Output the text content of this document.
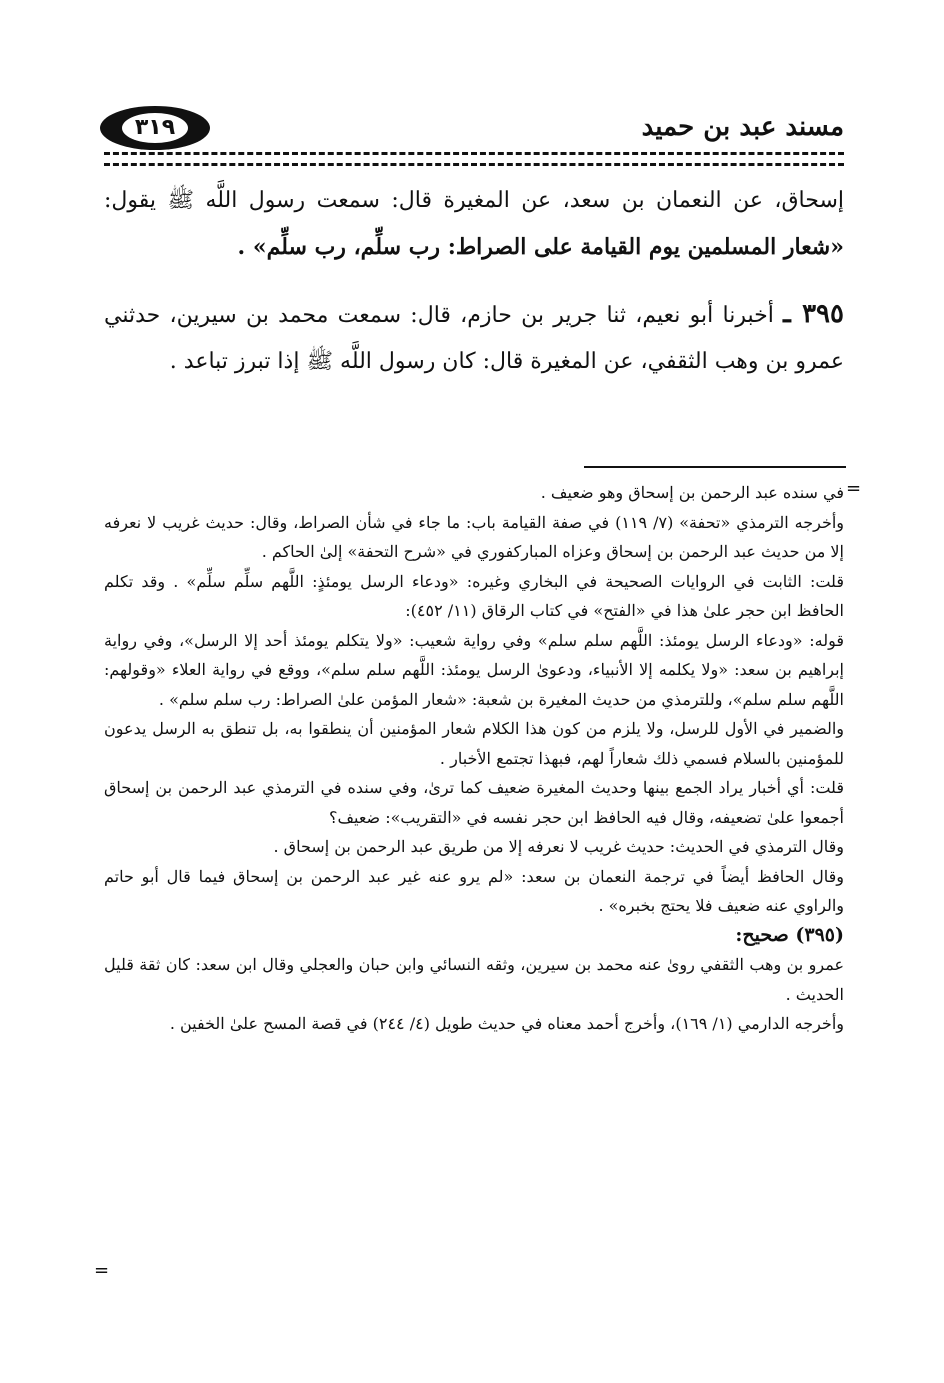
مسند عبد بن حميد
٣١٩

إسحاق، عن النعمان بن سعد، عن المغيرة قال: سمعت رسول اللَّه ﷺ يقول: «شعار المسلمين يوم القيامة على الصراط: رب سلِّم، رب سلِّم» .

٣٩٥ ـ أخبرنا أبو نعيم، ثنا جرير بن حازم، قال: سمعت محمد بن سيرين، حدثني عمرو بن وهب الثقفي، عن المغيرة قال: كان رسول اللَّه ﷺ إذا تبرز تباعد .

=

في سنده عبد الرحمن بن إسحاق وهو ضعيف .

وأخرجه الترمذي «تحفة» (٧/ ١١٩) في صفة القيامة باب: ما جاء في شأن الصراط، وقال: حديث غريب لا نعرفه إلا من حديث عبد الرحمن بن إسحاق وعزاه المباركفوري في «شرح التحفة» إلىٰ الحاكم .

قلت: الثابت في الروايات الصحيحة في البخاري وغيره: «ودعاء الرسل يومئذٍ: اللَّهم سلِّم سلِّم» . وقد تكلم الحافظ ابن حجر علىٰ هذا في «الفتح» في كتاب الرقاق (١١/ ٤٥٢):

قوله: «ودعاء الرسل يومئذ: اللَّهم سلم سلم» وفي رواية شعيب: «ولا يتكلم يومئذ أحد إلا الرسل»، وفي رواية إبراهيم بن سعد: «ولا يكلمه إلا الأنبياء، ودعوىٰ الرسل يومئذ: اللَّهم سلم سلم»، ووقع في رواية العلاء «وقولهم: اللَّهم سلم سلم»، وللترمذي من حديث المغيرة بن شعبة: «شعار المؤمن علىٰ الصراط: رب سلم سلم» .

والضمير في الأول للرسل، ولا يلزم من كون هذا الكلام شعار المؤمنين أن ينطقوا به، بل تنطق به الرسل يدعون للمؤمنين بالسلام فسمي ذلك شعاراً لهم، فبهذا تجتمع الأخبار .

قلت: أي أخبار يراد الجمع بينها وحديث المغيرة ضعيف كما ترىٰ، وفي سنده في الترمذي عبد الرحمن بن إسحاق أجمعوا علىٰ تضعيفه، وقال فيه الحافظ ابن حجر نفسه في «التقريب»: ضعيف؟

وقال الترمذي في الحديث: حديث غريب لا نعرفه إلا من طريق عبد الرحمن بن إسحاق .

وقال الحافظ أيضاً في ترجمة النعمان بن سعد: «لم يرو عنه غير عبد الرحمن بن إسحاق فيما قال أبو حاتم والراوي عنه ضعيف فلا يحتج بخبره» .

(٣٩٥) صحيح:

عمرو بن وهب الثقفي روىٰ عنه محمد بن سيرين، وثقه النسائي وابن حبان والعجلي وقال ابن سعد: كان ثقة قليل الحديث .

وأخرجه الدارمي (١/ ١٦٩)، وأخرج أحمد معناه في حديث طويل (٤/ ٢٤٤) في قصة المسح علىٰ الخفين .

=
